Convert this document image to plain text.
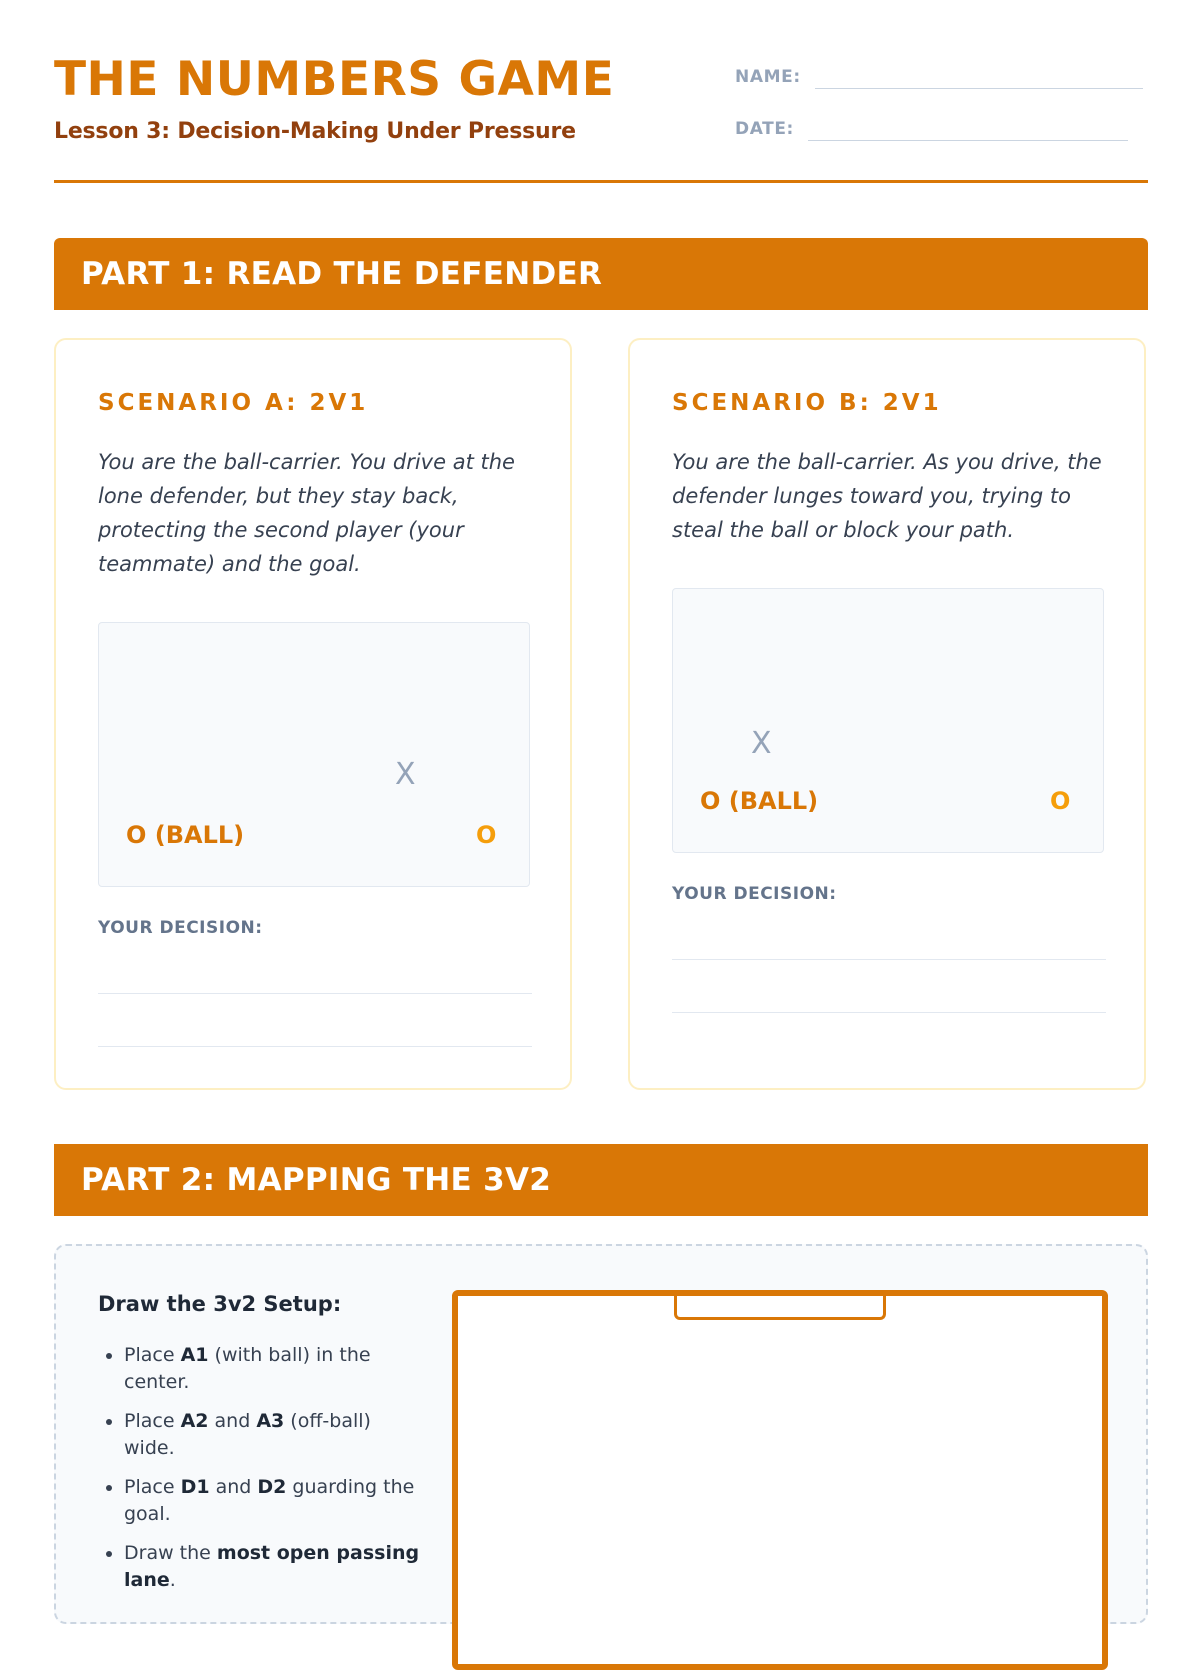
THE NUMBERS GAME
Lesson 3: Decision-Making Under Pressure
NAME:
DATE:
PART 1: READ THE DEFENDER
SCENARIO A: 2V1

You are the ball-carrier. You drive at the lone defender, but they stay back, protecting the second player (your teammate) and the goal.

X
O (BALL)	O

YOUR DECISION:

SCENARIO B: 2V1

You are the ball-carrier. As you drive, the defender lunges toward you, trying to steal the ball or block your path.

X
O (BALL)	O

YOUR DECISION:

PART 2: MAPPING THE 3V2
Draw the 3v2 Setup:
• Place A1 (with ball) in the center.
• Place A2 and A3 (off-ball) wide.
• Place D1 and D2 guarding the goal.
• Draw the most open passing lane.
